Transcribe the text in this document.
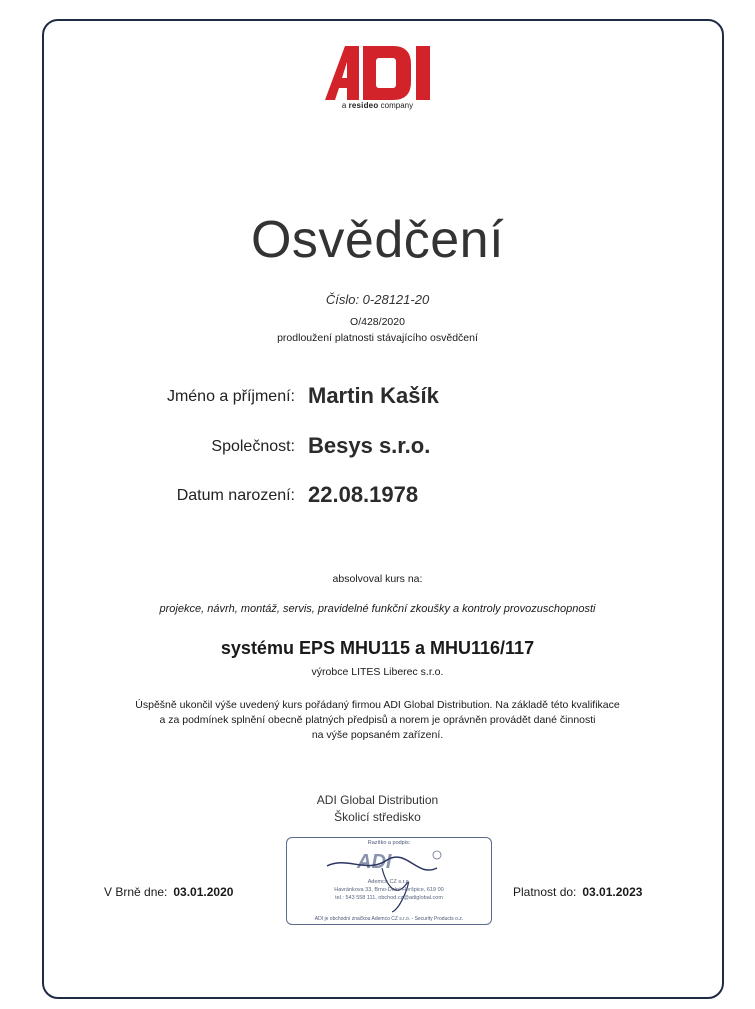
a resideo company
Osvědčení
Číslo: 0-28121-20
O/428/2020
prodloužení platnosti stávajícího osvědčení
Jméno a příjmení: Martin Kašík
Společnost: Besys s.r.o.
Datum narození: 22.08.1978
absolvoval kurs na:
projekce, návrh, montáž, servis, pravidelné funkční zkoušky a kontroly provozuschopnosti
systému EPS MHU115 a MHU116/117
výrobce LITES Liberec s.r.o.
Úspěšně ukončil výše uvedený kurs pořádaný firmou ADI Global Distribution. Na základě této kvalifikace
a za podmínek splnění obecně platných předpisů a norem je oprávněn provádět dané činnosti
na výše popsaném zařízení.
ADI Global Distribution
Školicí středisko
Razítko a podpis:
ADI
Ademco CZ s.r.o.
Havránkova 33, Brno-Dolní Heršpice, 619 00
tel.: 543 558 111, obchod.cz@adiglobal.com
ADI je obchodní značkou Ademco CZ s.r.o. - Security Products o.z.
V Brně dne: 03.01.2020	Platnost do: 03.01.2023
